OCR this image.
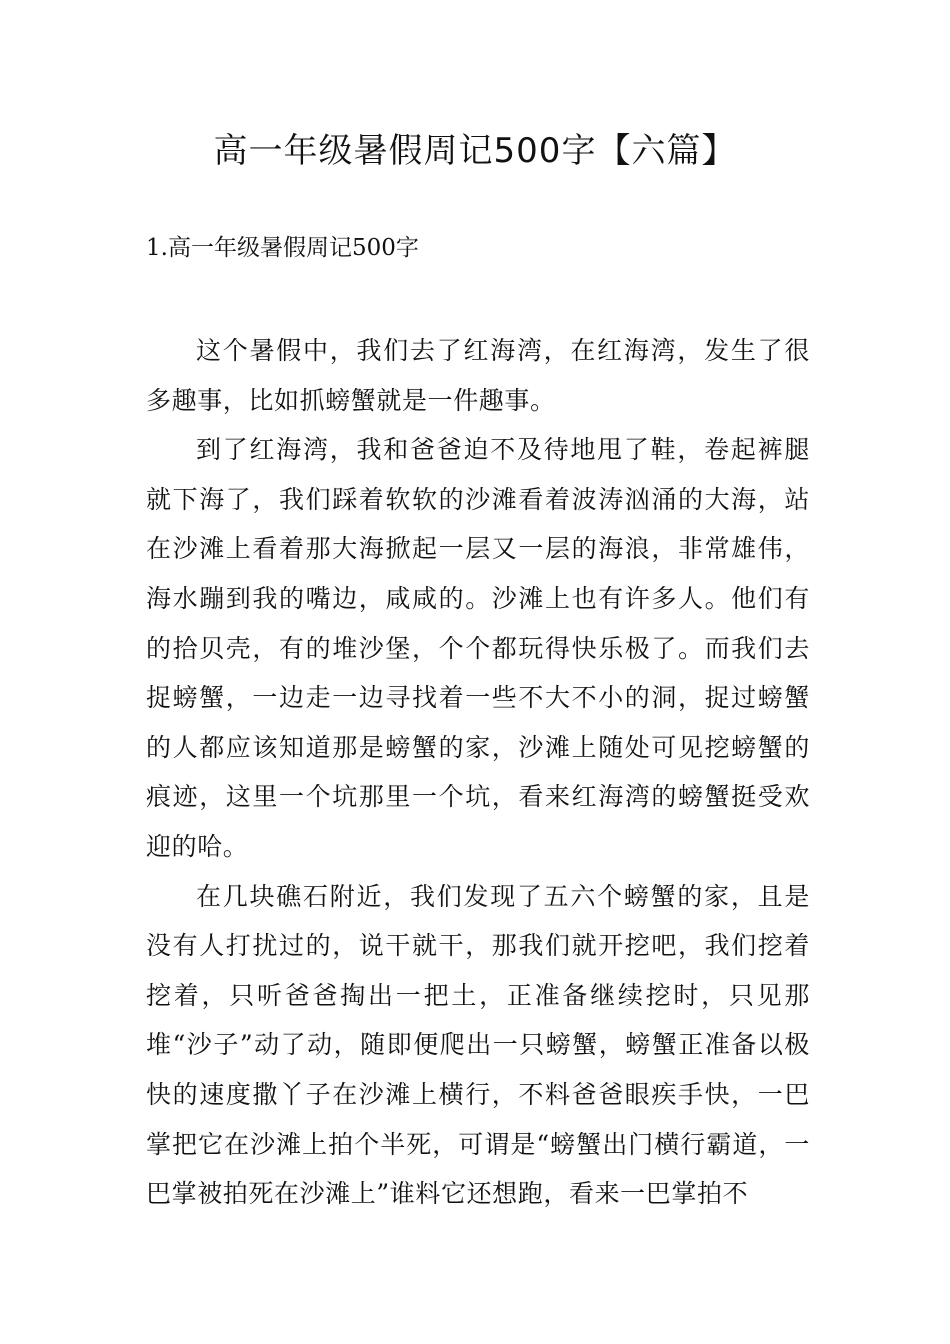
高一年级暑假周记500字【六篇】
1.高一年级暑假周记500字

这个暑假中，我们去了红海湾，在红海湾，发生了很多趣事，比如抓螃蟹就是一件趣事。

到了红海湾，我和爸爸迫不及待地甩了鞋，卷起裤腿就下海了，我们踩着软软的沙滩看着波涛汹涌的大海，站在沙滩上看着那大海掀起一层又一层的海浪，非常雄伟，海水蹦到我的嘴边，咸咸的。沙滩上也有许多人。他们有的拾贝壳，有的堆沙堡，个个都玩得快乐极了。而我们去捉螃蟹，一边走一边寻找着一些不大不小的洞，捉过螃蟹的人都应该知道那是螃蟹的家，沙滩上随处可见挖螃蟹的痕迹，这里一个坑那里一个坑，看来红海湾的螃蟹挺受欢迎的哈。

在几块礁石附近，我们发现了五六个螃蟹的家，且是没有人打扰过的，说干就干，那我们就开挖吧，我们挖着挖着，只听爸爸掏出一把土，正准备继续挖时，只见那堆“沙子”动了动，随即便爬出一只螃蟹，螃蟹正准备以极快的速度撒丫子在沙滩上横行，不料爸爸眼疾手快，一巴掌把它在沙滩上拍个半死，可谓是“螃蟹出门横行霸道，一巴掌被拍死在沙滩上”谁料它还想跑，看来一巴掌拍不
